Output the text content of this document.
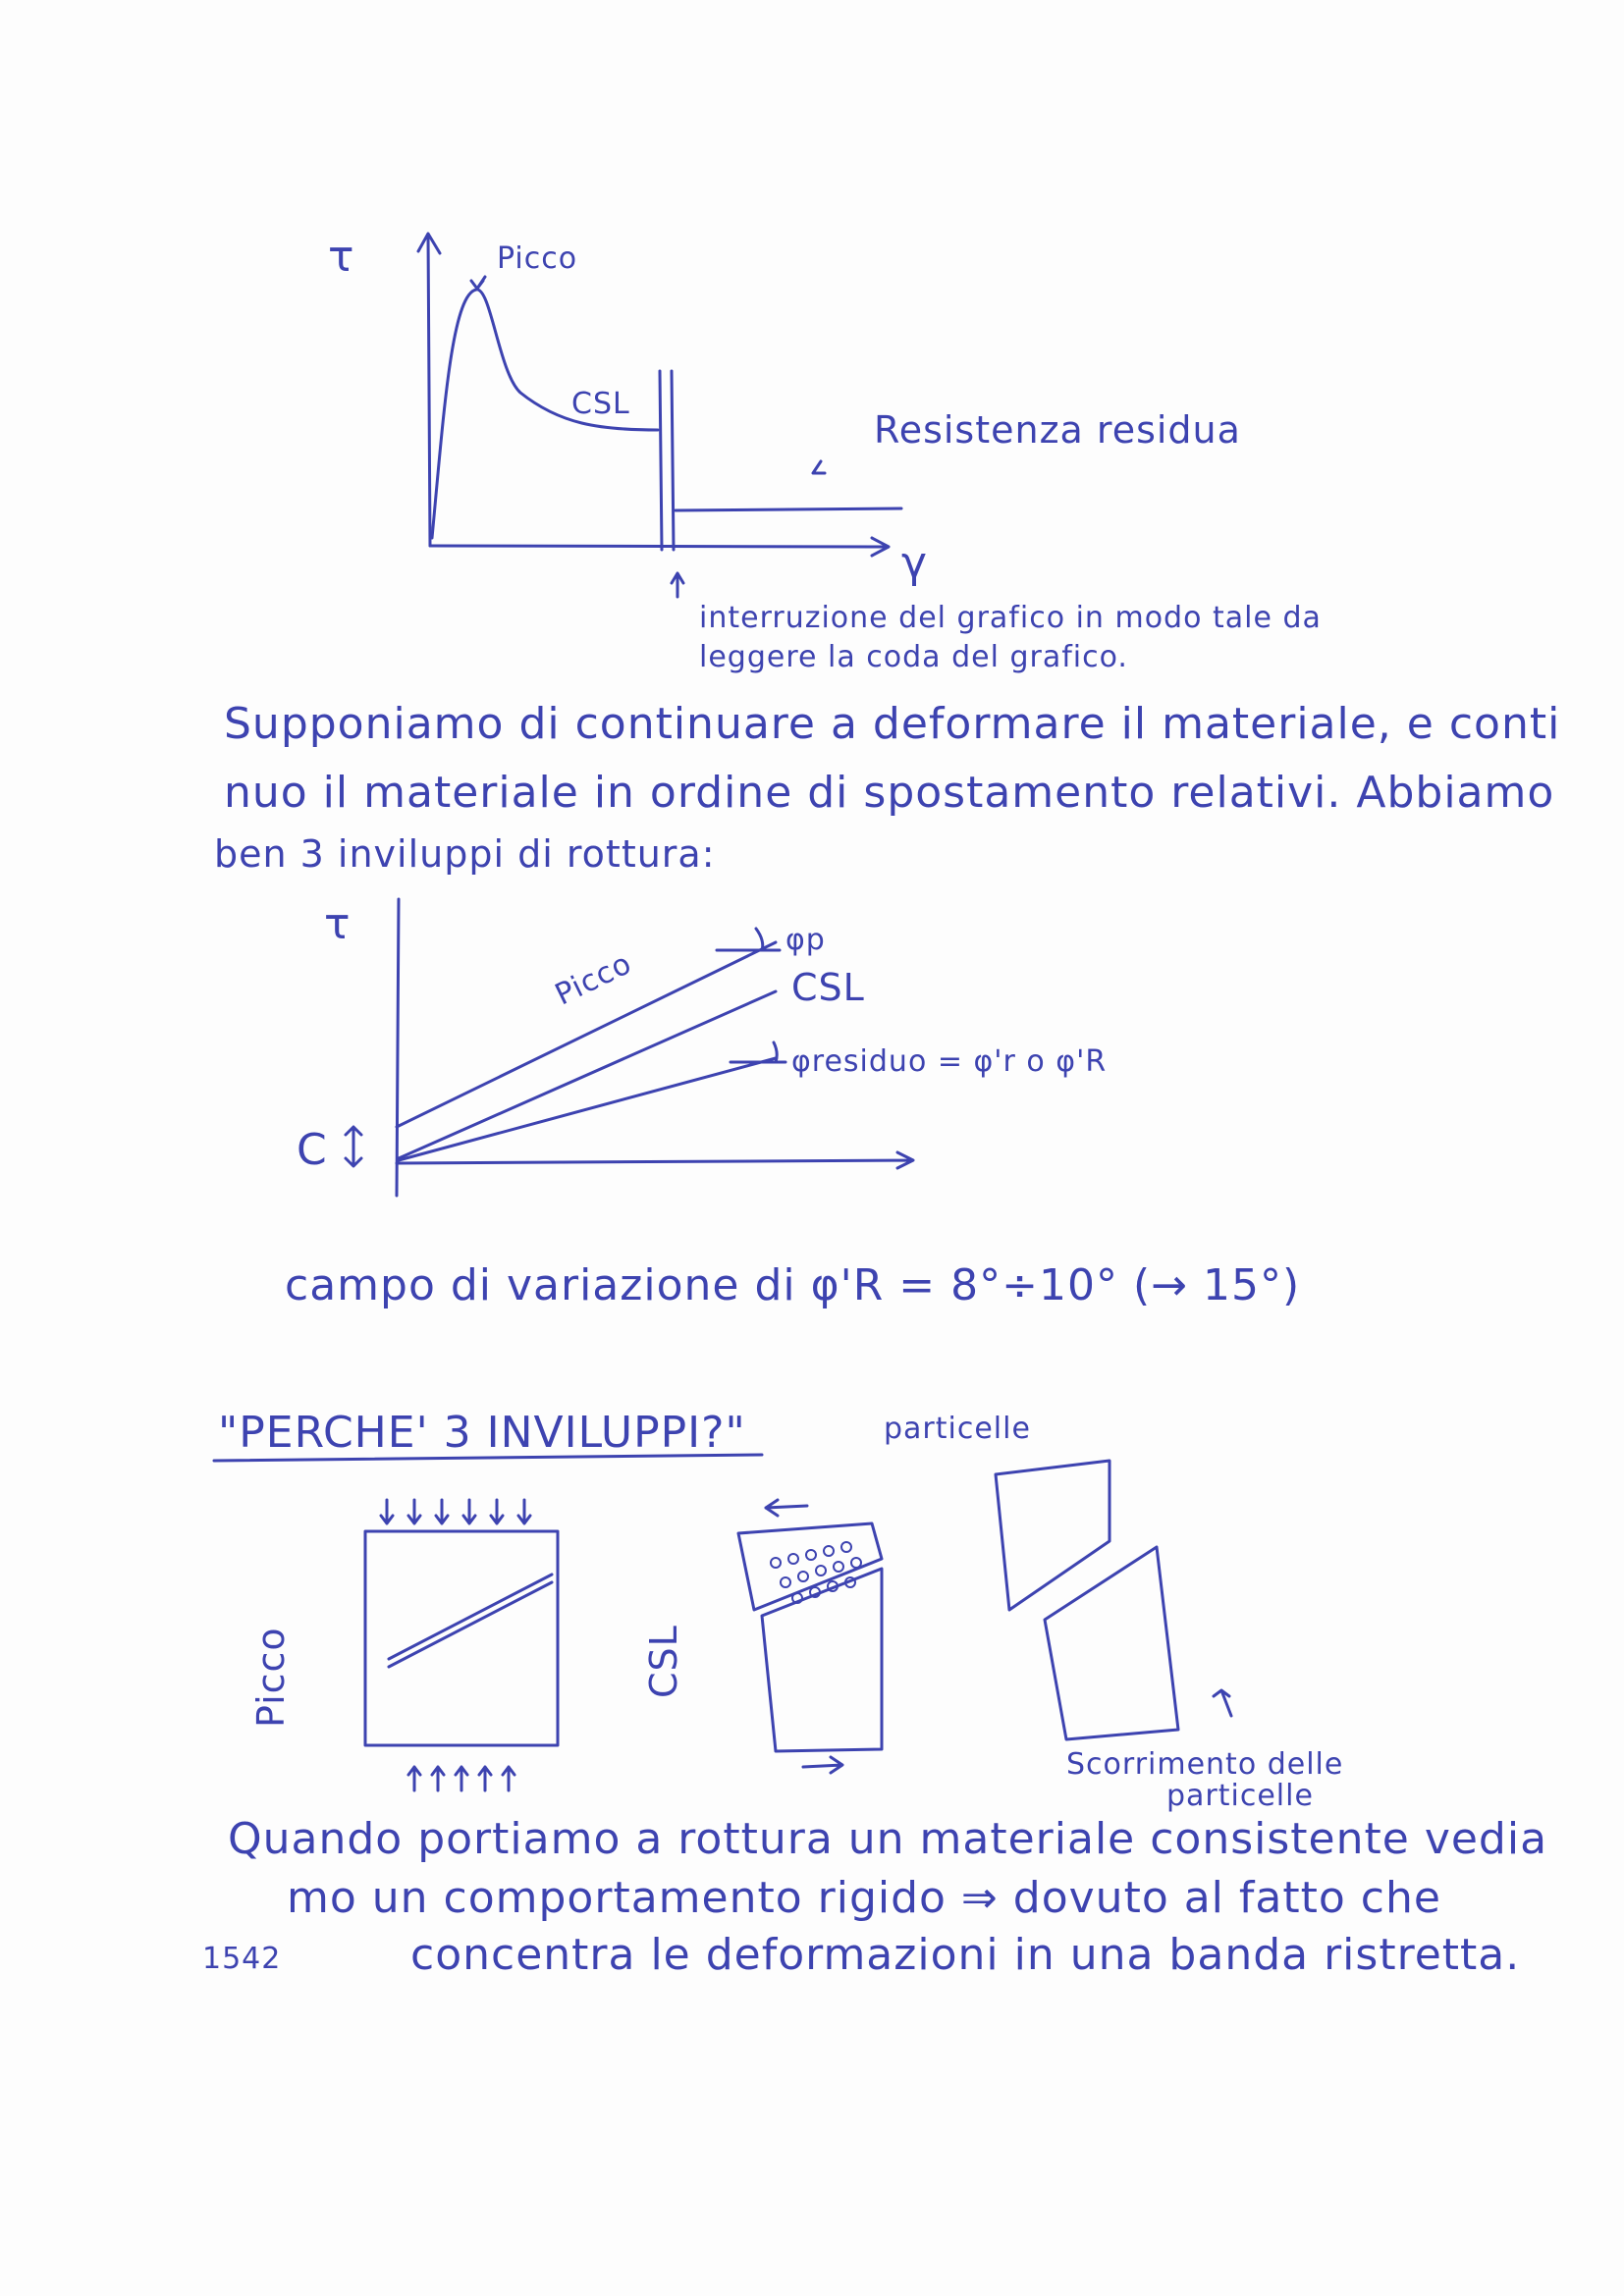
τ
γ
Picco
CSL
Resistenza residua
interruzione del grafico in modo tale da
leggere la coda del grafico.
Supponiamo di continuare a deformare il materiale, e conti
nuo il materiale in ordine di spostamento relativi. Abbiamo
ben 3 inviluppi di rottura:
τ
C
Picco
φp
CSL
φresiduo = φ'r o φ'R
campo di variazione di φ'R = 8°÷10° (→ 15°)
"PERCHE' 3 INVILUPPI?"	particelle
Picco	CSL
Scorrimento delle
particelle
Quando portiamo a rottura un materiale consistente vedia
mo un comportamento rigido ⇒ dovuto al fatto che
concentra le deformazioni in una banda ristretta.
1542
